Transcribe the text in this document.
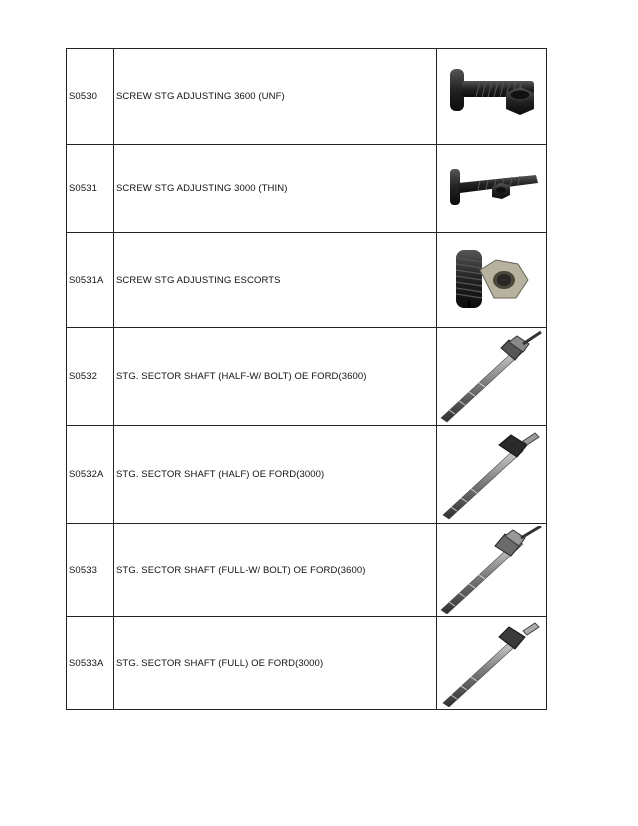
S0530	SCREW STG ADJUSTING 3600 (UNF)
S0531	SCREW STG ADJUSTING 3000 (THIN)
S0531A	SCREW STG ADJUSTING ESCORTS
S0532	STG. SECTOR SHAFT (HALF-W/ BOLT) OE FORD(3600)
S0532A	STG. SECTOR SHAFT (HALF) OE FORD(3000)
S0533	STG. SECTOR SHAFT (FULL-W/ BOLT) OE FORD(3600)
S0533A	STG. SECTOR SHAFT (FULL) OE FORD(3000)
